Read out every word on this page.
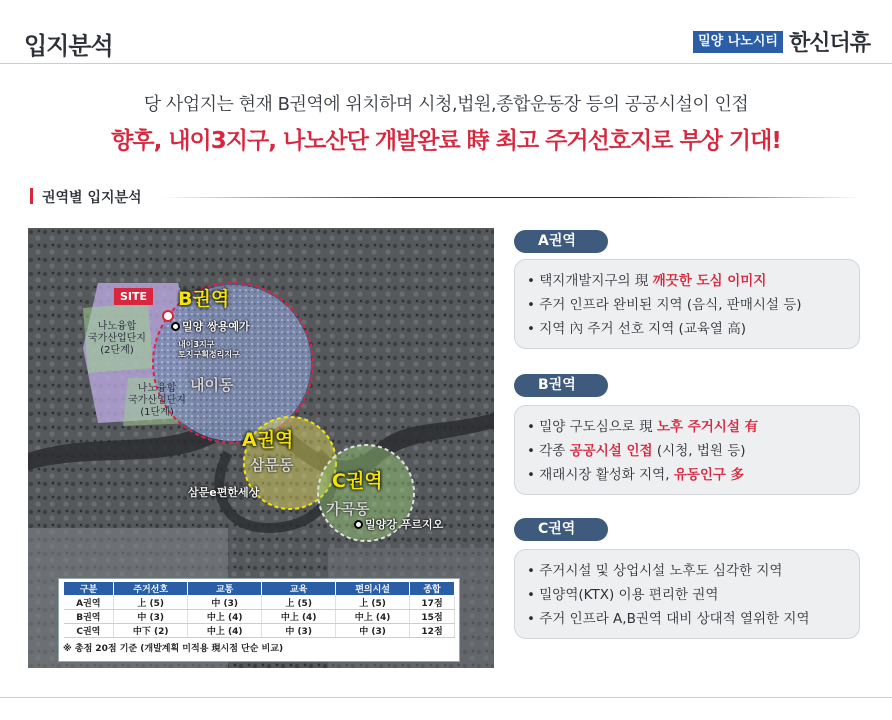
입지분석	밀양 나노시티 한신더휴
당 사업지는 현재 B권역에 위치하며 시청,법원,종합운동장 등의 공공시설이 인접
향후, 내이3지구, 나노산단 개발완료 時 최고 주거선호지로 부상 기대!
권역별 입지분석
SITE	B권역
밀양 쌍용예가
내이3지구
토지구획정리지구
나노융합
국가산업단지
(2단계)
나노융합
국가산업단지
(1단계)
내이동
A권역
삼문동
삼문e편한세상
C권역
가곡동
밀양강 푸르지오
구분	주거선호	교통	교육	편의시설	종합
A권역	上 (5)	中 (3)	上 (5)	上 (5)	17점
B권역	中 (3)	中上 (4)	中上 (4)	中上 (4)	15점
C권역	中下 (2)	中上 (4)	中 (3)	中 (3)	12점
※ 총점 20점 기준 (개발계획 미적용 現시점 단순 비교)
A권역
• 택지개발지구의 現 깨끗한 도심 이미지
• 주거 인프라 완비된 지역 (음식, 판매시설 등)
• 지역 內 주거 선호 지역 (교육열 高)
B권역
• 밀양 구도심으로 現 노후 주거시설 有
• 각종 공공시설 인접 (시청, 법원 등)
• 재래시장 활성화 지역, 유동인구 多
C권역
• 주거시설 및 상업시설 노후도 심각한 지역
• 밀양역(KTX) 이용 편리한 권역
• 주거 인프라 A,B권역 대비 상대적 열위한 지역
